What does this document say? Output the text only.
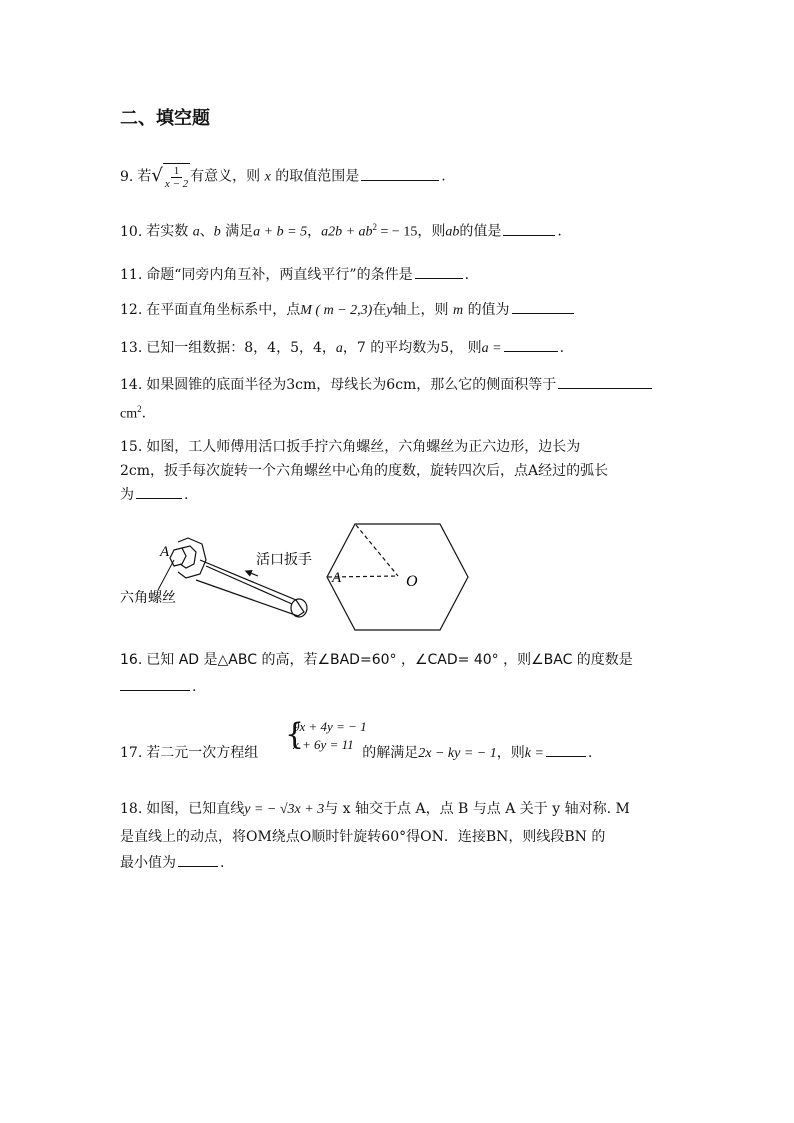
二、填空题
9. 若√ $\frac{1}{x - 2}$ 有意义，则 x 的取值范围是	.
10. 若实数 a、b 满足a + b = 5，$a2b + ab^2$ = − 15，则ab的值是	.
11. 命题“同旁内角互补，两直线平行”的条件是	.
12. 在平面直角坐标系中，点M ( m − 2,3)在y轴上，则 m 的值为
13. 已知一组数据：8，4，5，4，a，7 的平均数为5， 则a =	.
14. 如果圆锥的底面半径为3cm，母线长为6cm，那么它的侧面积等于
$cm^2$.
15. 如图，工人师傅用活口扳手拧六角螺丝，六角螺丝为正六边形，边长为
2cm，扳手每次旋转一个六角螺丝中心角的度数，旋转四次后，点A经过的弧长
为	.
A	活口扳手
六角螺丝
A	O
16. 已知 AD 是△ABC 的高，若∠BAD=60° ，∠CAD= 40° ，则∠BAC 的度数是
.
{
9x + 4y = − 1
x + 6y = 11
17. 若二元一次方程组	的解满足2x − ky = − 1，则k =	.
18. 如图，已知直线y = − √3x + 3与 x 轴交于点 A，点 B 与点 A 关于 y 轴对称. M
是直线上的动点，将OM绕点O顺时针旋转60°得ON．连接BN，则线段BN 的
最小值为	.
